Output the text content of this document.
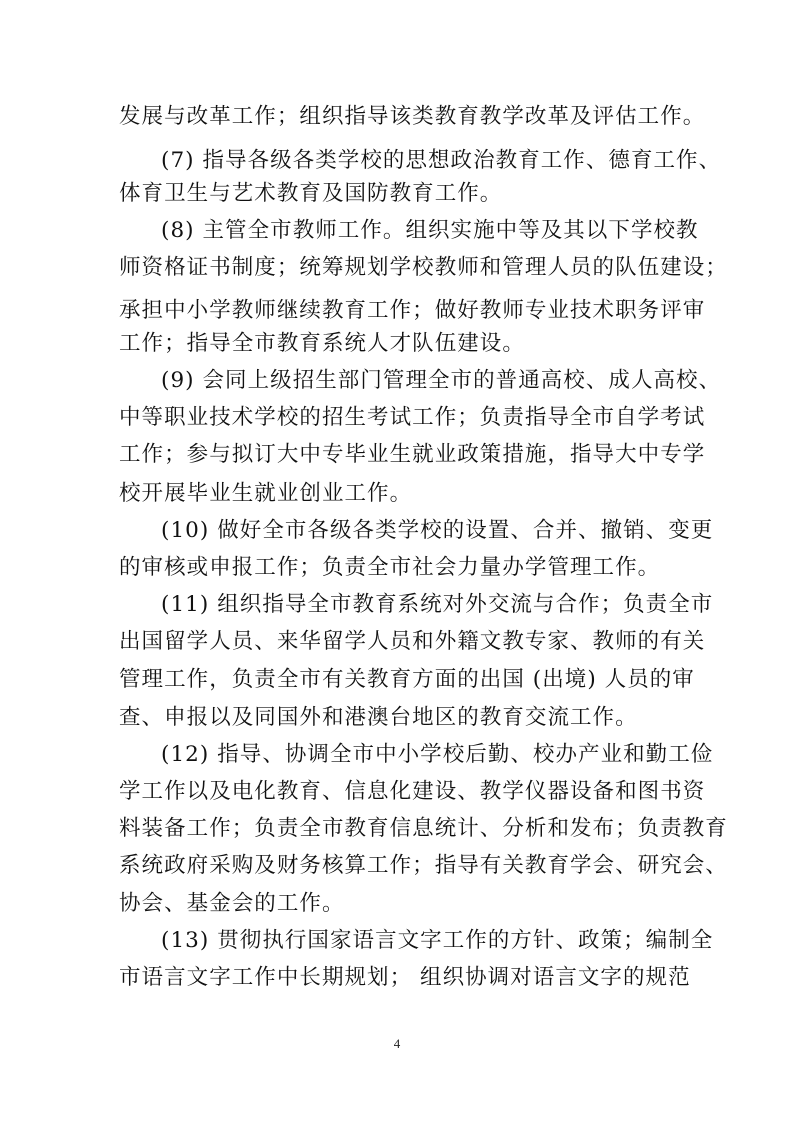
发展与改革工作；组织指导该类教育教学改革及评估工作。
(7) 指导各级各类学校的思想政治教育工作、德育工作、
体育卫生与艺术教育及国防教育工作。
(8) 主管全市教师工作。组织实施中等及其以下学校教
师资格证书制度；统筹规划学校教师和管理人员的队伍建设；
承担中小学教师继续教育工作；做好教师专业技术职务评审
工作；指导全市教育系统人才队伍建设。
(9) 会同上级招生部门管理全市的普通高校、成人高校、
中等职业技术学校的招生考试工作；负责指导全市自学考试
工作；参与拟订大中专毕业生就业政策措施，指导大中专学
校开展毕业生就业创业工作。
(10) 做好全市各级各类学校的设置、合并、撤销、变更
的审核或申报工作；负责全市社会力量办学管理工作。
(11) 组织指导全市教育系统对外交流与合作；负责全市
出国留学人员、来华留学人员和外籍文教专家、教师的有关
管理工作，负责全市有关教育方面的出国 (出境) 人员的审
查、申报以及同国外和港澳台地区的教育交流工作。
(12) 指导、协调全市中小学校后勤、校办产业和勤工俭
学工作以及电化教育、信息化建设、教学仪器设备和图书资
料装备工作；负责全市教育信息统计、分析和发布；负责教育
系统政府采购及财务核算工作；指导有关教育学会、研究会、
协会、基金会的工作。
(13) 贯彻执行国家语言文字工作的方针、政策；编制全
市语言文字工作中长期规划； 组织协调对语言文字的规范
4
